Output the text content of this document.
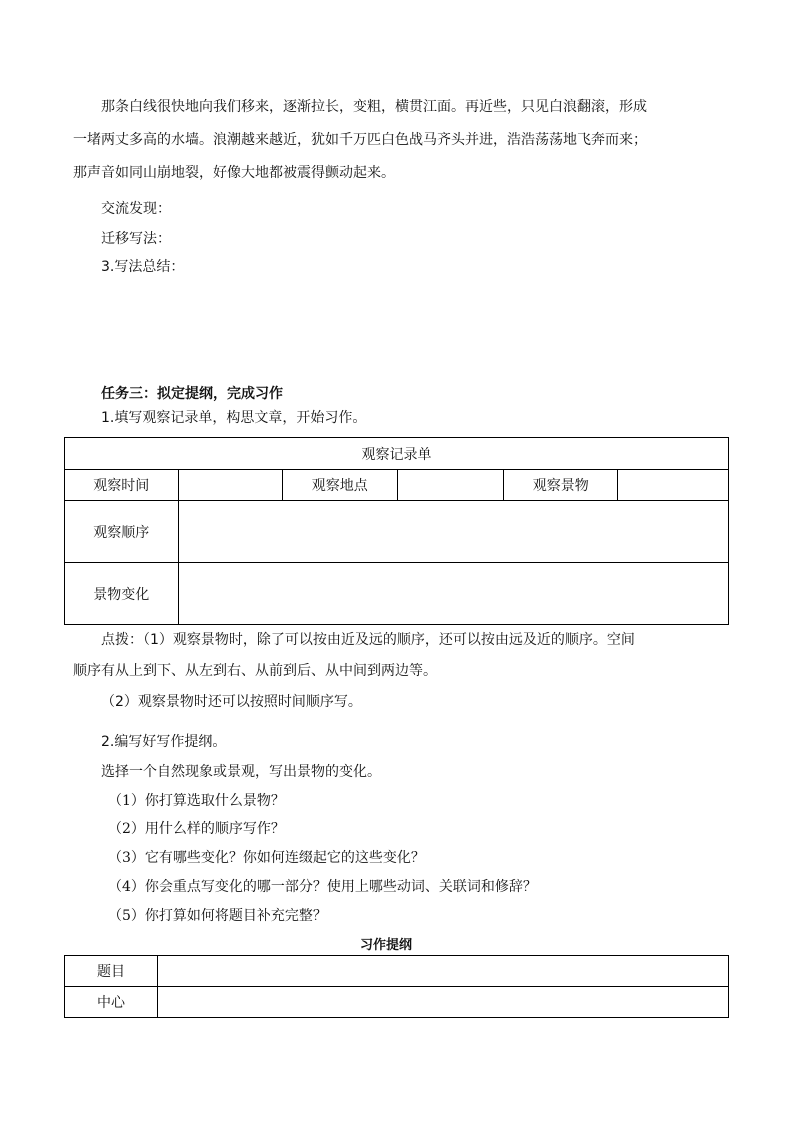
那条白线很快地向我们移来，逐渐拉长，变粗，横贯江面。再近些，只见白浪翻滚，形成
一堵两丈多高的水墙。浪潮越来越近，犹如千万匹白色战马齐头并进，浩浩荡荡地飞奔而来；
那声音如同山崩地裂，好像大地都被震得颤动起来。
交流发现：
迁移写法：
3.写法总结：
任务三：拟定提纲，完成习作
1.填写观察记录单，构思文章，开始习作。
观察记录单					
观察时间		观察地点		观察景物	
观察顺序					
景物变化					
点拨：（1）观察景物时，除了可以按由近及远的顺序，还可以按由远及近的顺序。空间
顺序有从上到下、从左到右、从前到后、从中间到两边等。
（2）观察景物时还可以按照时间顺序写。
2.编写好写作提纲。
选择一个自然现象或景观，写出景物的变化。
（1）你打算选取什么景物？
（2）用什么样的顺序写作？
（3）它有哪些变化？你如何连缀起它的这些变化？
（4）你会重点写变化的哪一部分？使用上哪些动词、关联词和修辞？
（5）你打算如何将题目补充完整？
习作提纲
题目	
中心	
